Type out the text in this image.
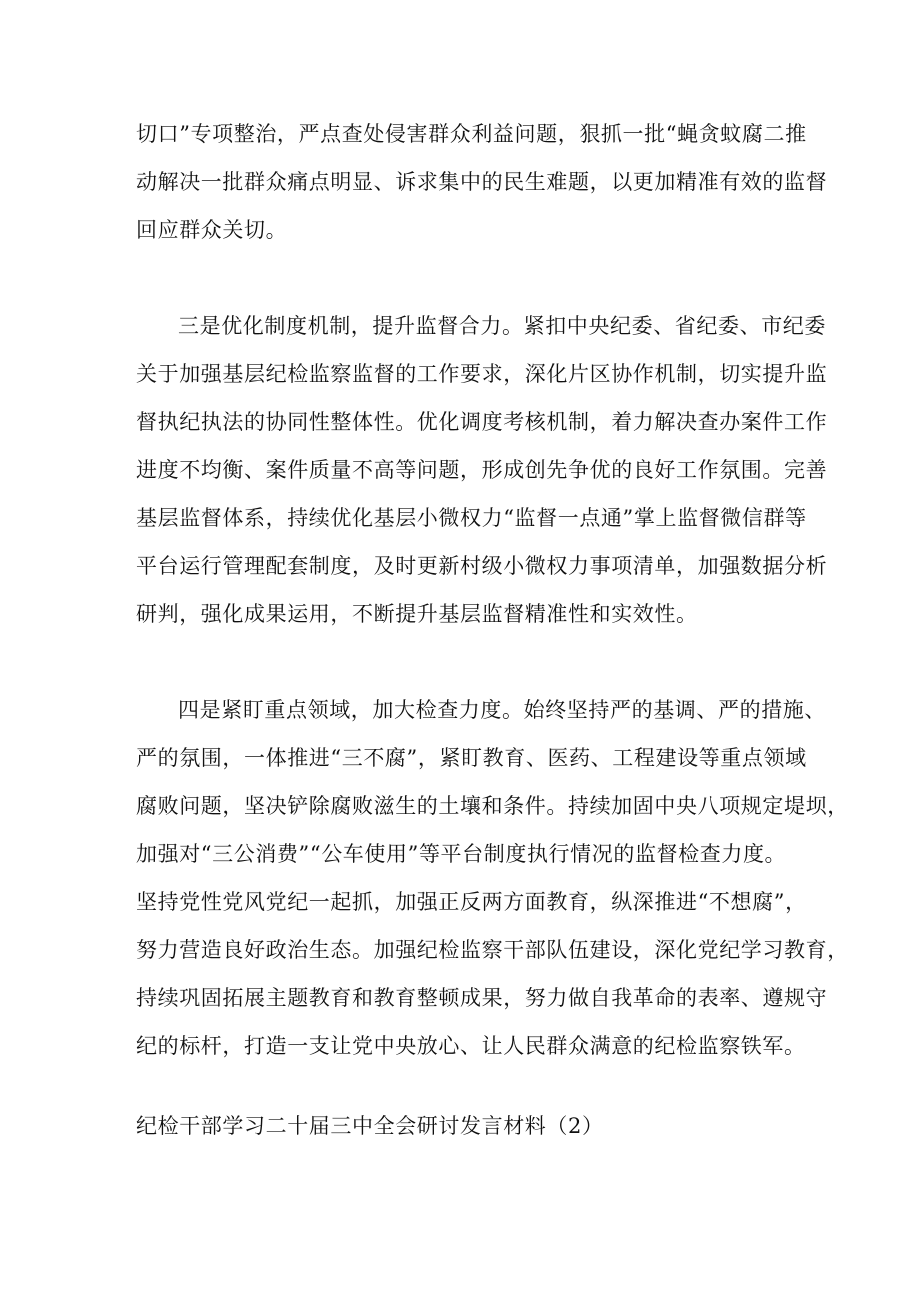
切口”专项整治，严点查处侵害群众利益问题，狠抓一批“蝇贪蚊腐二推
动解决一批群众痛点明显、诉求集中的民生难题，以更加精准有效的监督
回应群众关切。
三是优化制度机制，提升监督合力。紧扣中央纪委、省纪委、市纪委
关于加强基层纪检监察监督的工作要求，深化片区协作机制，切实提升监
督执纪执法的协同性整体性。优化调度考核机制，着力解决查办案件工作
进度不均衡、案件质量不高等问题，形成创先争优的良好工作氛围。完善
基层监督体系，持续优化基层小微权力“监督一点通”掌上监督微信群等
平台运行管理配套制度，及时更新村级小微权力事项清单，加强数据分析
研判，强化成果运用，不断提升基层监督精准性和实效性。
四是紧盯重点领域，加大检查力度。始终坚持严的基调、严的措施、
严的氛围，一体推进“三不腐”，紧盯教育、医药、工程建设等重点领域
腐败问题，坚决铲除腐败滋生的土壤和条件。持续加固中央八项规定堤坝，
加强对“三公消费”“公车使用”等平台制度执行情况的监督检查力度。
坚持党性党风党纪一起抓，加强正反两方面教育，纵深推进“不想腐”，
努力营造良好政治生态。加强纪检监察干部队伍建设，深化党纪学习教育，
持续巩固拓展主题教育和教育整顿成果，努力做自我革命的表率、遵规守
纪的标杆，打造一支让党中央放心、让人民群众满意的纪检监察铁军。
纪检干部学习二十届三中全会研讨发言材料（2）
